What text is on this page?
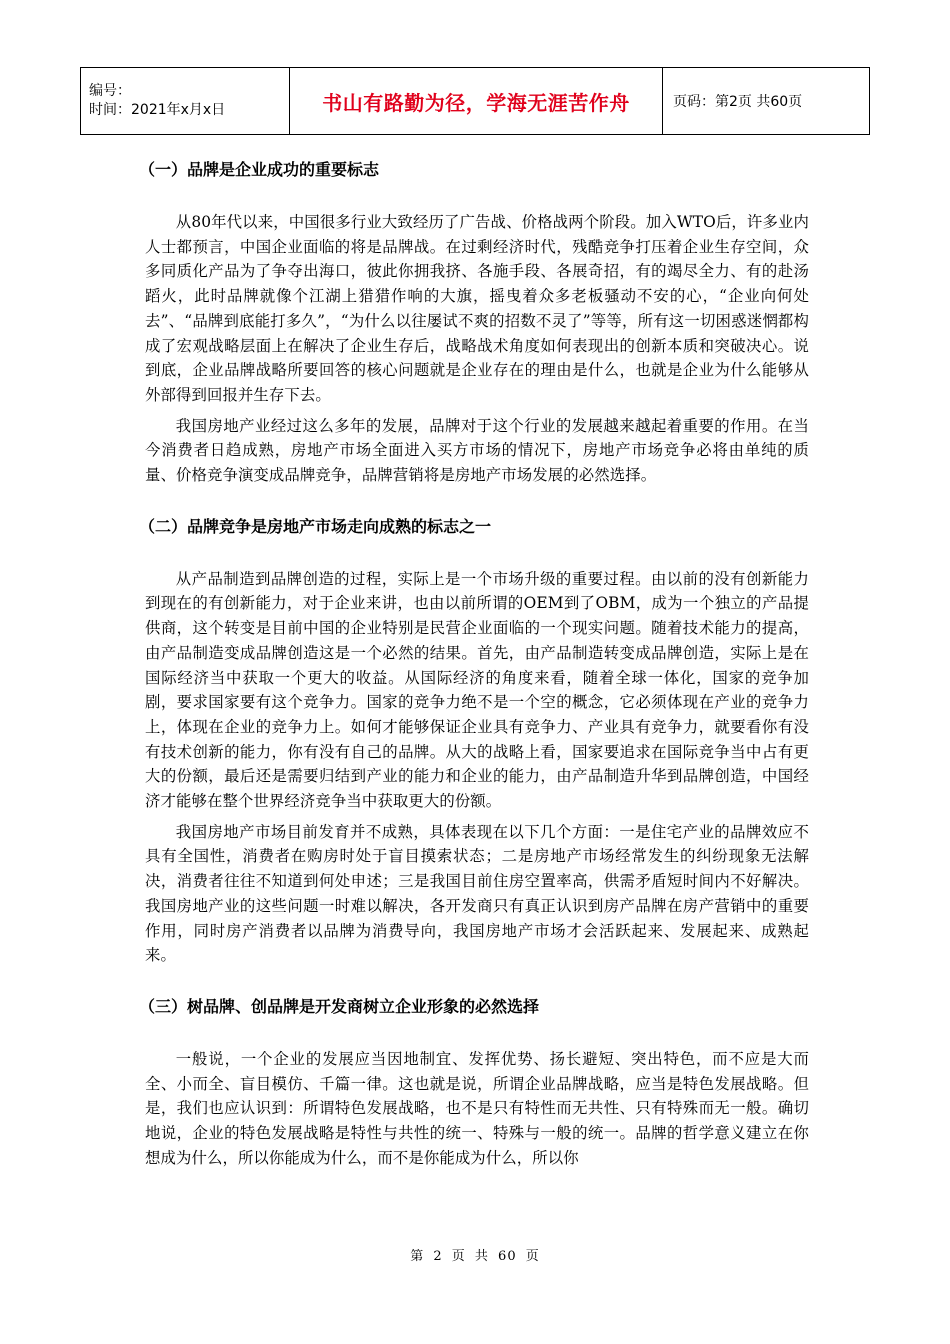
编号：
时间：2021年x月x日	书山有路勤为径，学海无涯苦作舟	页码：第2页 共60页
（一）品牌是企业成功的重要标志

从80年代以来，中国很多行业大致经历了广告战、价格战两个阶段。加入WTO后，许多业内人士都预言，中国企业面临的将是品牌战。在过剩经济时代，残酷竞争打压着企业生存空间，众多同质化产品为了争夺出海口，彼此你拥我挤、各施手段、各展奇招，有的竭尽全力、有的赴汤蹈火，此时品牌就像个江湖上猎猎作响的大旗，摇曳着众多老板骚动不安的心，“企业向何处去”、“品牌到底能打多久”，“为什么以往屡试不爽的招数不灵了”等等，所有这一切困惑迷惘都构成了宏观战略层面上在解决了企业生存后，战略战术角度如何表现出的创新本质和突破决心。说到底，企业品牌战略所要回答的核心问题就是企业存在的理由是什么，也就是企业为什么能够从外部得到回报并生存下去。

我国房地产业经过这么多年的发展，品牌对于这个行业的发展越来越起着重要的作用。在当今消费者日趋成熟，房地产市场全面进入买方市场的情况下，房地产市场竞争必将由单纯的质量、价格竞争演变成品牌竞争，品牌营销将是房地产市场发展的必然选择。

（二）品牌竞争是房地产市场走向成熟的标志之一

从产品制造到品牌创造的过程，实际上是一个市场升级的重要过程。由以前的没有创新能力到现在的有创新能力，对于企业来讲，也由以前所谓的OEM到了OBM，成为一个独立的产品提供商，这个转变是目前中国的企业特别是民营企业面临的一个现实问题。随着技术能力的提高，由产品制造变成品牌创造这是一个必然的结果。首先，由产品制造转变成品牌创造，实际上是在国际经济当中获取一个更大的收益。从国际经济的角度来看，随着全球一体化，国家的竞争加剧，要求国家要有这个竞争力。国家的竞争力绝不是一个空的概念，它必须体现在产业的竞争力上，体现在企业的竞争力上。如何才能够保证企业具有竞争力、产业具有竞争力，就要看你有没有技术创新的能力，你有没有自己的品牌。从大的战略上看，国家要追求在国际竞争当中占有更大的份额，最后还是需要归结到产业的能力和企业的能力，由产品制造升华到品牌创造，中国经济才能够在整个世界经济竞争当中获取更大的份额。

我国房地产市场目前发育并不成熟，具体表现在以下几个方面：一是住宅产业的品牌效应不具有全国性，消费者在购房时处于盲目摸索状态；二是房地产市场经常发生的纠纷现象无法解决，消费者往往不知道到何处申述；三是我国目前住房空置率高，供需矛盾短时间内不好解决。我国房地产业的这些问题一时难以解决，各开发商只有真正认识到房产品牌在房产营销中的重要作用，同时房产消费者以品牌为消费导向，我国房地产市场才会活跃起来、发展起来、成熟起来。

（三）树品牌、创品牌是开发商树立企业形象的必然选择

一般说，一个企业的发展应当因地制宜、发挥优势、扬长避短、突出特色，而不应是大而全、小而全、盲目模仿、千篇一律。这也就是说，所谓企业品牌战略，应当是特色发展战略。但是，我们也应认识到：所谓特色发展战略，也不是只有特性而无共性、只有特殊而无一般。确切地说，企业的特色发展战略是特性与共性的统一、特殊与一般的统一。品牌的哲学意义建立在你想成为什么，所以你能成为什么，而不是你能成为什么，所以你

第 2 页 共 60 页
